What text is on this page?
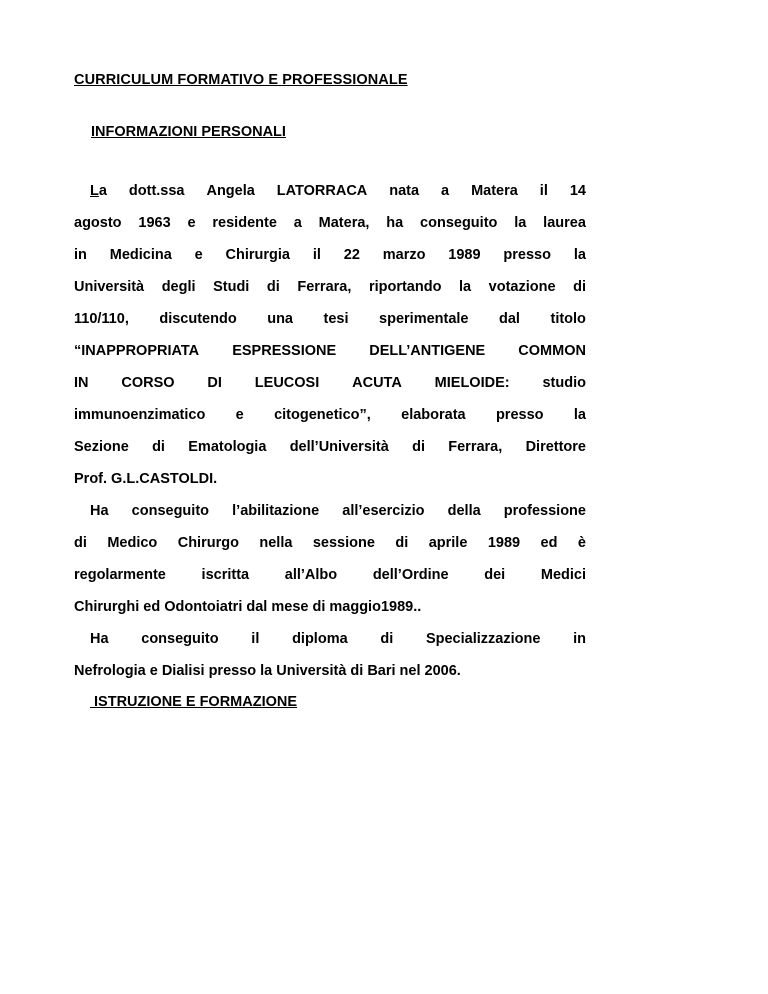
CURRICULUM FORMATIVO E PROFESSIONALE
INFORMAZIONI PERSONALI
La dott.ssa Angela LATORRACA nata a Matera il 14
agosto 1963 e residente a Matera, ha conseguito la laurea
in Medicina e Chirurgia il 22 marzo 1989 presso la
Università degli Studi di Ferrara, riportando la votazione di
110/110, discutendo una tesi sperimentale dal titolo
“INAPPROPRIATA ESPRESSIONE DELL’ANTIGENE COMMON
IN CORSO DI LEUCOSI ACUTA MIELOIDE: studio
immunoenzimatico e citogenetico”, elaborata presso la
Sezione di Ematologia dell’Università di Ferrara, Direttore
Prof. G.L.CASTOLDI.
Ha conseguito l’abilitazione all’esercizio della professione
di Medico Chirurgo nella sessione di aprile 1989 ed è
regolarmente iscritta all’Albo dell’Ordine dei Medici
Chirurghi ed Odontoiatri dal mese di maggio1989..
Ha conseguito il diploma di Specializzazione in
Nefrologia e Dialisi presso la Università di Bari nel 2006.
ISTRUZIONE E FORMAZIONE
